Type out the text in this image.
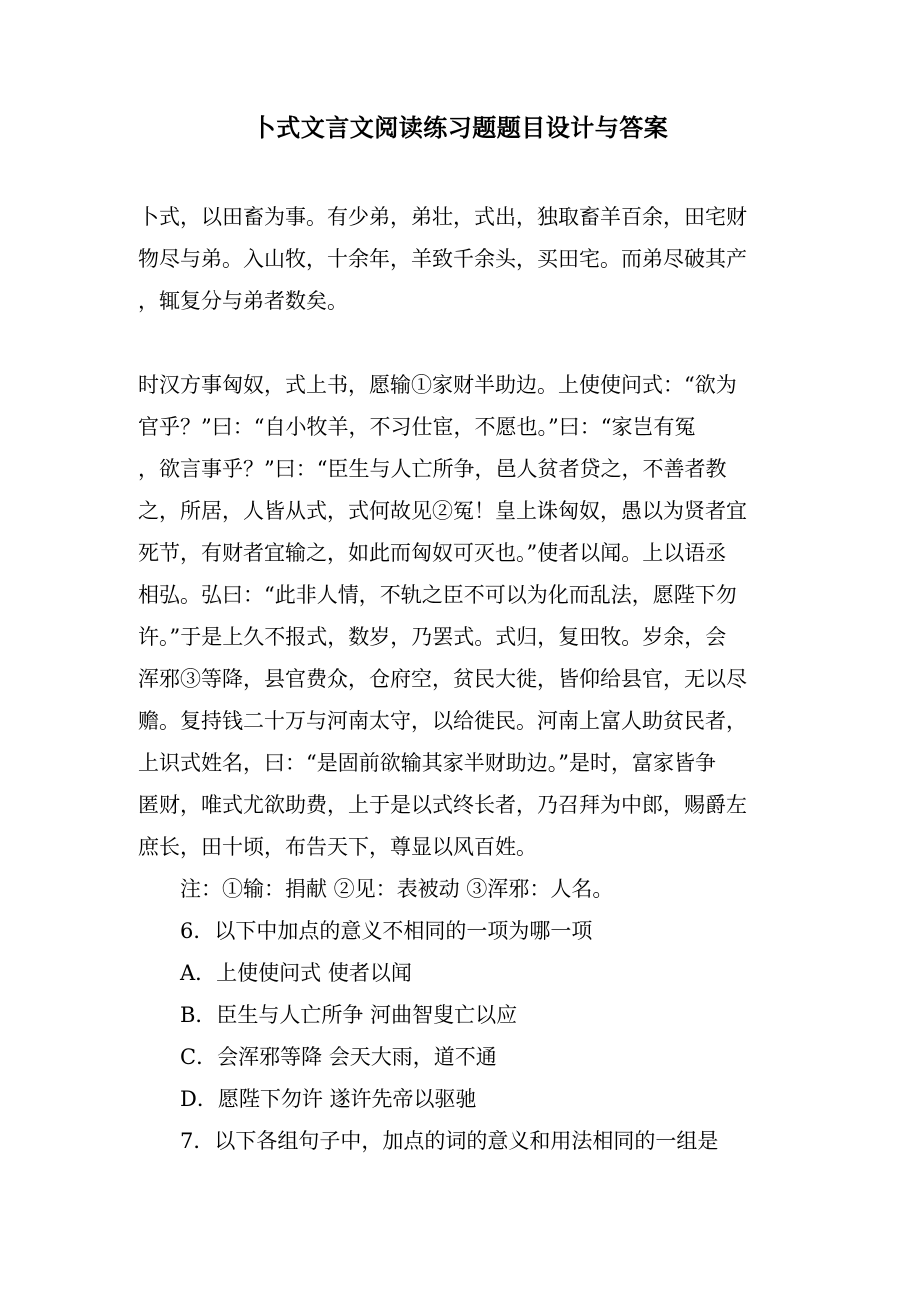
卜式文言文阅读练习题题目设计与答案
卜式，以田畜为事。有少弟，弟壮，式出，独取畜羊百余，田宅财
物尽与弟。入山牧，十余年，羊致千余头，买田宅。而弟尽破其产
，辄复分与弟者数矣。
时汉方事匈奴，式上书，愿输①家财半助边。上使使问式：“欲为
官乎？”曰：“自小牧羊，不习仕宦，不愿也。”曰：“家岂有冤
，欲言事乎？”曰：“臣生与人亡所争，邑人贫者贷之，不善者教
之，所居，人皆从式，式何故见②冤！皇上诛匈奴，愚以为贤者宜
死节，有财者宜输之，如此而匈奴可灭也。”使者以闻。上以语丞
相弘。弘曰：“此非人情，不轨之臣不可以为化而乱法，愿陛下勿
许。”于是上久不报式，数岁，乃罢式。式归，复田牧。岁余，会
浑邪③等降，县官费众，仓府空，贫民大徙，皆仰给县官，无以尽
赡。复持钱二十万与河南太守，以给徙民。河南上富人助贫民者，
上识式姓名，曰：“是固前欲输其家半财助边。”是时，富家皆争
匿财，唯式尤欲助费，上于是以式终长者，乃召拜为中郎，赐爵左
庶长，田十顷，布告天下，尊显以风百姓。
注：①输：捐献 ②见：表被动 ③浑邪：人名。
6．以下中加点的意义不相同的一项为哪一项
A．上使使问式 使者以闻
B．臣生与人亡所争 河曲智叟亡以应
C．会浑邪等降 会天大雨，道不通
D．愿陛下勿许 遂许先帝以驱驰
7．以下各组句子中，加点的词的意义和用法相同的一组是
